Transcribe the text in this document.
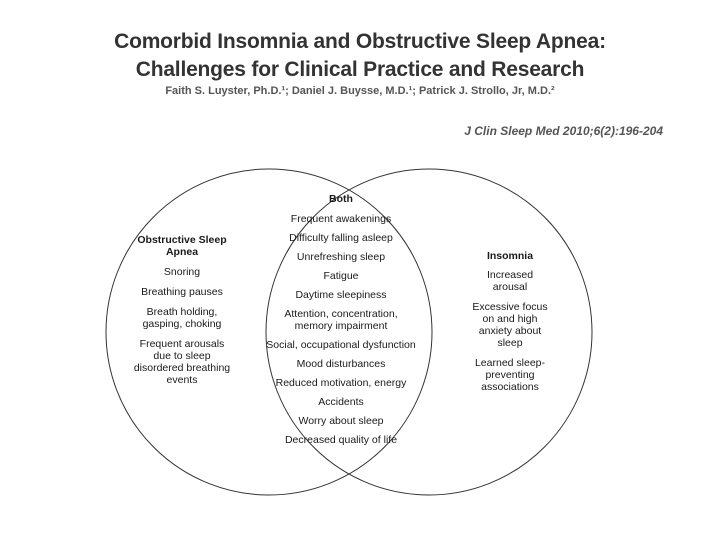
Comorbid Insomnia and Obstructive Sleep Apnea:
Challenges for Clinical Practice and Research
Faith S. Luyster, Ph.D.¹; Daniel J. Buysse, M.D.¹; Patrick J. Strollo, Jr, M.D.²
J Clin Sleep Med 2010;6(2):196-204
Obstructive Sleep Apnea
Snoring
Breathing pauses
Breath holding, gasping, choking
Frequent arousals due to sleep disordered breathing events
Both
Frequent awakenings
Difficulty falling asleep
Unrefreshing sleep
Fatigue
Daytime sleepiness
Attention, concentration, memory impairment
Social, occupational dysfunction
Mood disturbances
Reduced motivation, energy
Accidents
Worry about sleep
Decreased quality of life
Insomnia
Increased arousal
Excessive focus on and high anxiety about sleep
Learned sleep-preventing associations
